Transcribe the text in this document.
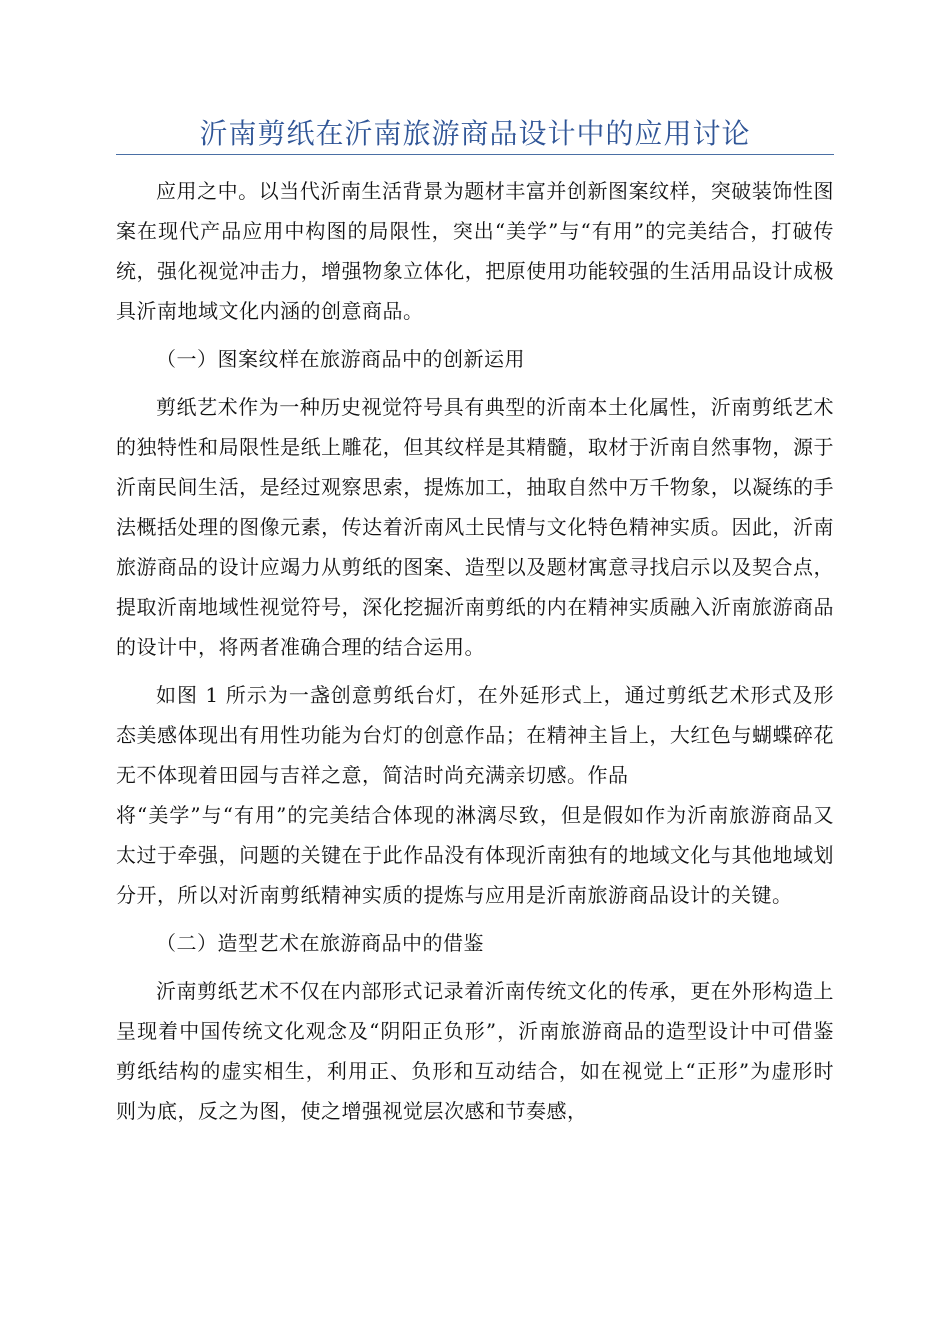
沂南剪纸在沂南旅游商品设计中的应用讨论

应用之中。以当代沂南生活背景为题材丰富并创新图案纹样，突破装饰性图案在现代产品应用中构图的局限性，突出“美学”与“有用”的完美结合，打破传统，强化视觉冲击力，增强物象立体化，把原使用功能较强的生活用品设计成极具沂南地域文化内涵的创意商品。

（一）图案纹样在旅游商品中的创新运用

剪纸艺术作为一种历史视觉符号具有典型的沂南本土化属性，沂南剪纸艺术的独特性和局限性是纸上雕花，但其纹样是其精髓，取材于沂南自然事物，源于沂南民间生活，是经过观察思索，提炼加工，抽取自然中万千物象，以凝练的手法概括处理的图像元素，传达着沂南风土民情与文化特色精神实质。因此，沂南旅游商品的设计应竭力从剪纸的图案、造型以及题材寓意寻找启示以及契合点，提取沂南地域性视觉符号，深化挖掘沂南剪纸的内在精神实质融入沂南旅游商品的设计中，将两者准确合理的结合运用。

如图 1 所示为一盏创意剪纸台灯，在外延形式上，通过剪纸艺术形式及形态美感体现出有用性功能为台灯的创意作品；在精神主旨上，大红色与蝴蝶碎花无不体现着田园与吉祥之意，简洁时尚充满亲切感。作品
将“美学”与“有用”的完美结合体现的淋漓尽致，但是假如作为沂南旅游商品又太过于牵强，问题的关键在于此作品没有体现沂南独有的地域文化与其他地域划分开，所以对沂南剪纸精神实质的提炼与应用是沂南旅游商品设计的关键。

（二）造型艺术在旅游商品中的借鉴

沂南剪纸艺术不仅在内部形式记录着沂南传统文化的传承，更在外形构造上呈现着中国传统文化观念及“阴阳正负形”，沂南旅游商品的造型设计中可借鉴剪纸结构的虚实相生，利用正、负形和互动结合，如在视觉上“正形”为虚形时则为底，反之为图，使之增强视觉层次感和节奏感，
